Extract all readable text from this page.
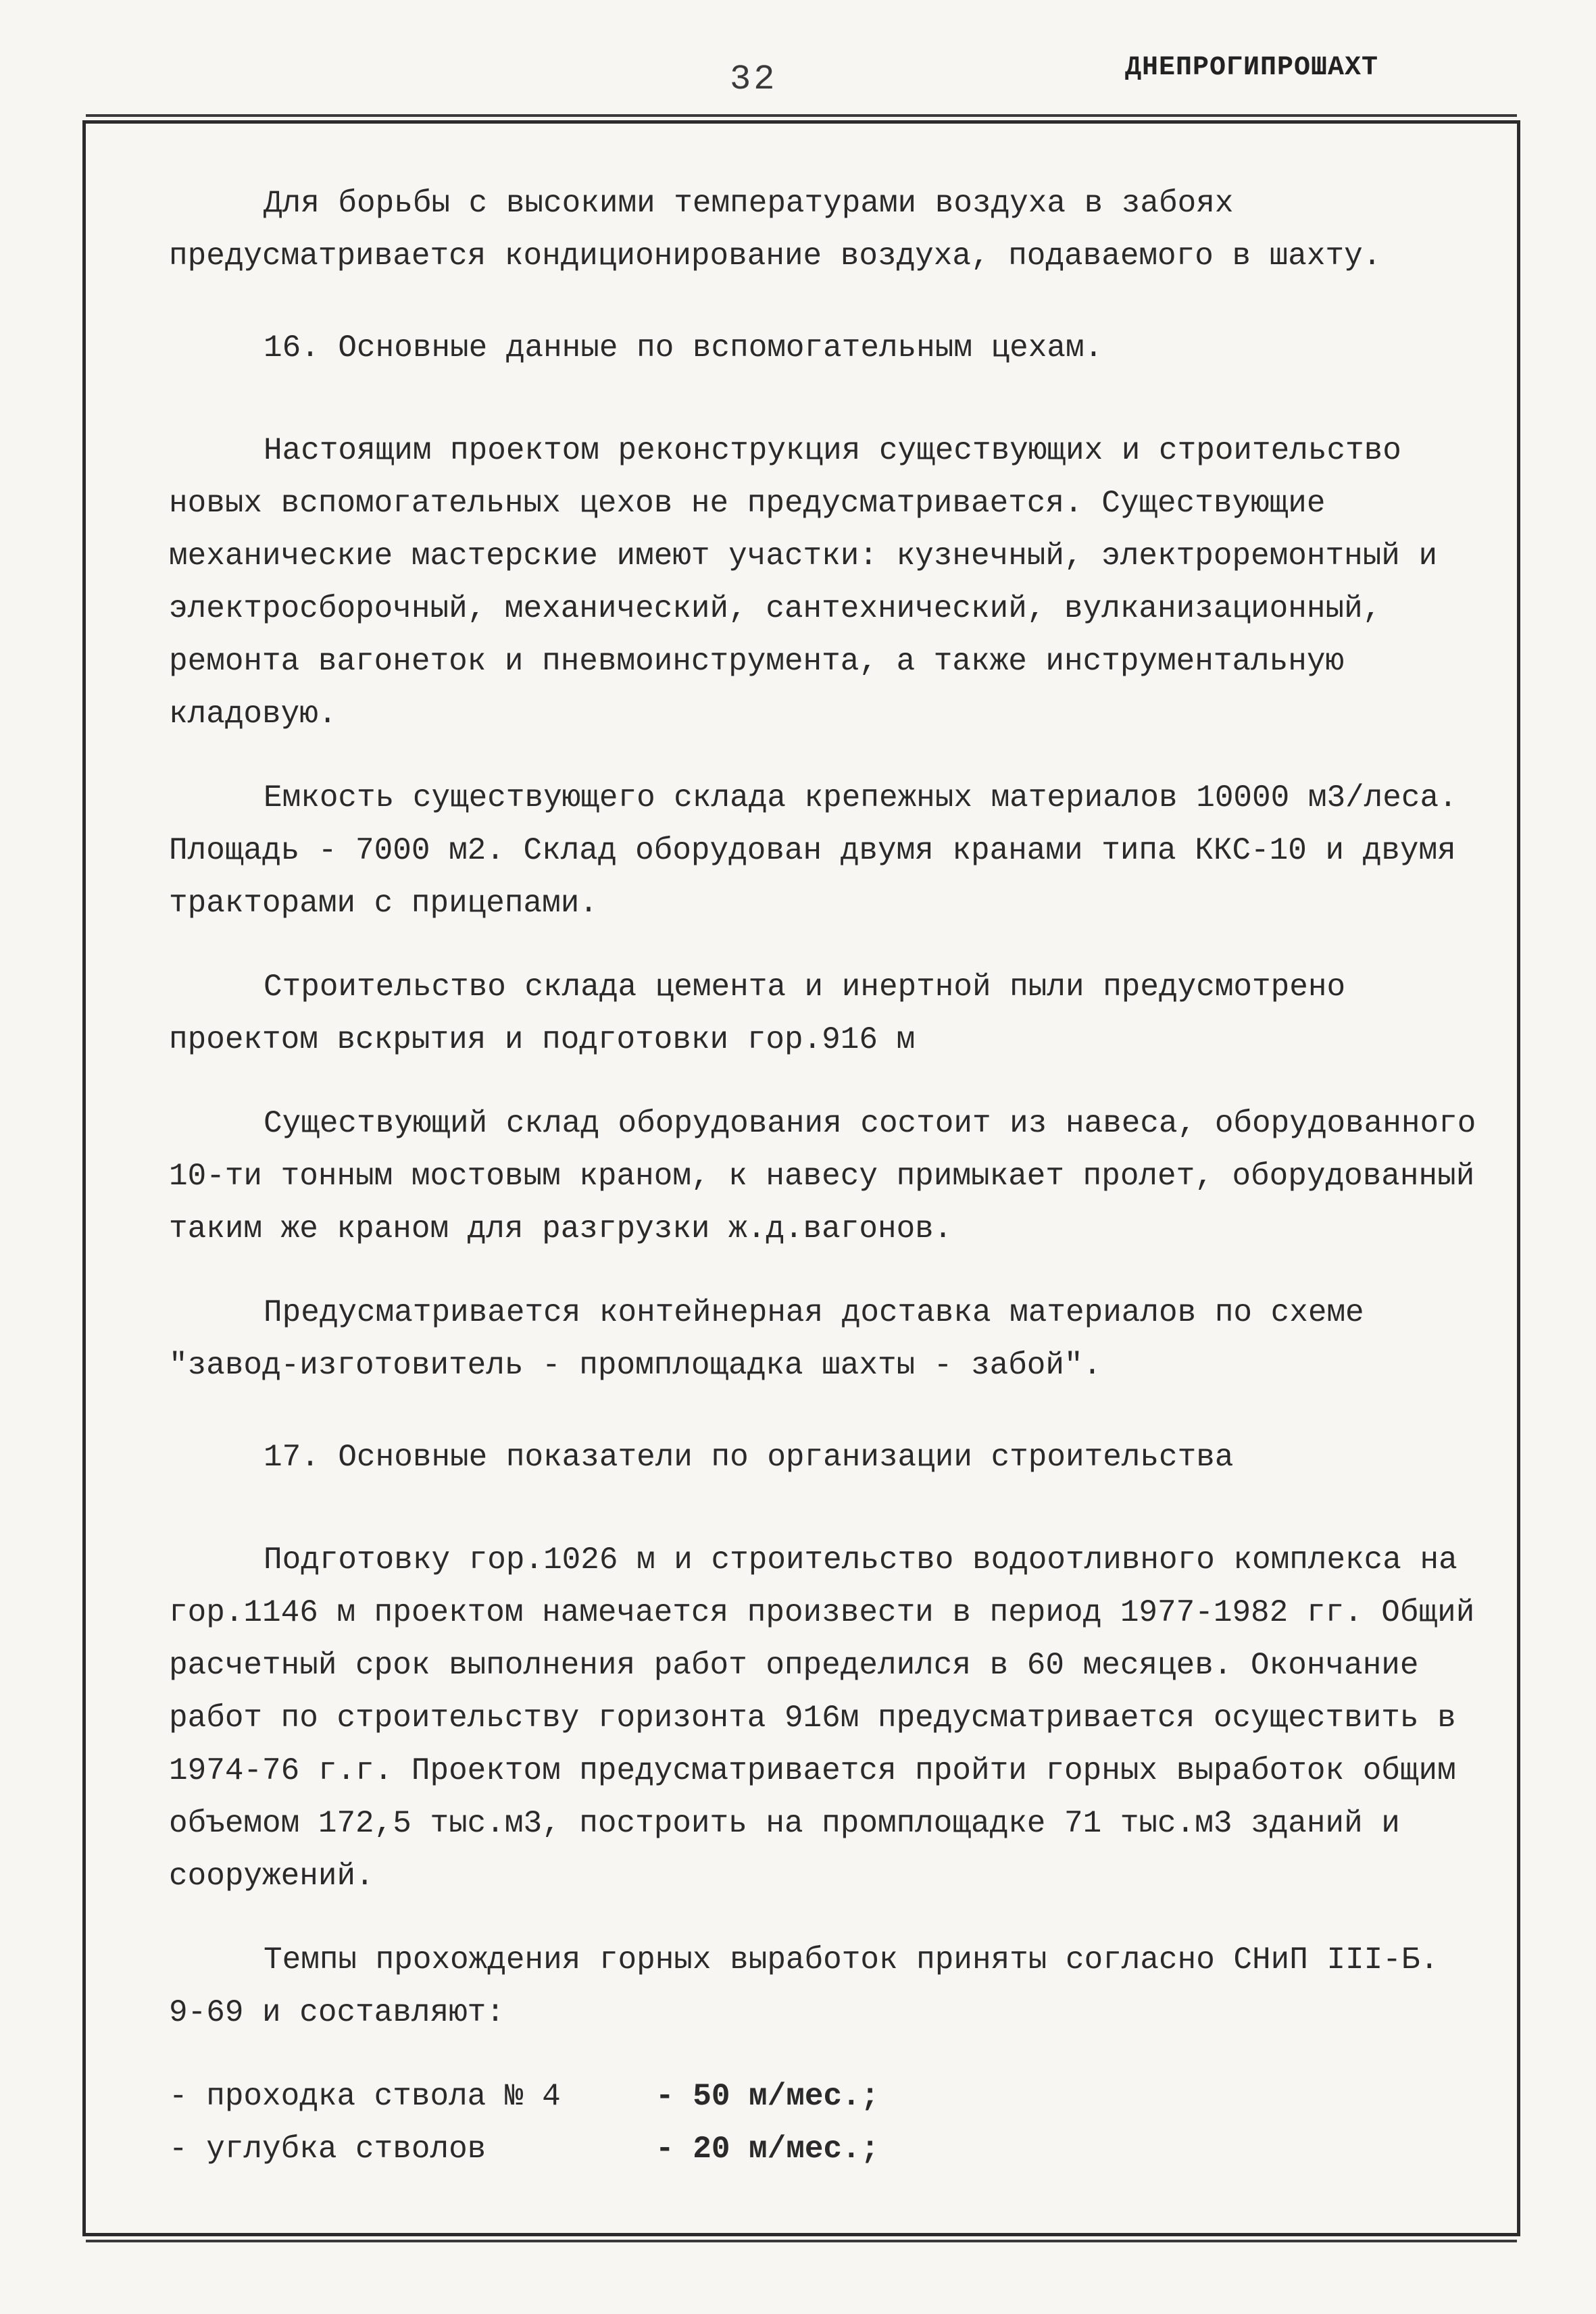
32	ДНЕПРОГИПРОШАХТ

Для борьбы с высокими температурами воздуха в забоях предусматривается кондиционирование воздуха, подаваемого в шахту.

16. Основные данные по вспомогательным цехам.

Настоящим проектом реконструкция существующих и строительство новых вспомогательных цехов не предусматривается. Существующие механические мастерские имеют участки: кузнечный, электроремонтный и электросборочный, механический, сантехнический, вулканизационный, ремонта вагонеток и пневмоинструмента, а также инструментальную кладовую.

Емкость существующего склада крепежных материалов 10000 м3/леса. Площадь - 7000 м2. Склад оборудован двумя кранами типа ККС-10 и двумя тракторами с прицепами.

Строительство склада цемента и инертной пыли предусмотрено проектом вскрытия и подготовки гор.916 м

Существующий склад оборудования состоит из навеса, оборудованного 10-ти тонным мостовым краном, к навесу примыкает пролет, оборудованный таким же краном для разгрузки ж.д.вагонов.

Предусматривается контейнерная доставка материалов по схеме "завод-изготовитель - промплощадка шахты - забой".

17. Основные показатели по организации строительства

Подготовку гор.1026 м и строительство водоотливного комплекса на гор.1146 м проектом намечается произвести в период 1977-1982 гг. Общий расчетный срок выполнения работ определился в 60 месяцев. Окончание работ по строительству горизонта 916м предусматривается осуществить в 1974-76 г.г. Проектом предусматривается пройти горных выработок общим объемом 172,5 тыс.м3, построить на промплощадке 71 тыс.м3 зданий и сооружений.

Темпы прохождения горных выработок приняты согласно СНиП III-Б. 9-69 и составляют:

- проходка ствола № 4	- 50 м/мес.;
- углубка стволов	- 20 м/мес.;
